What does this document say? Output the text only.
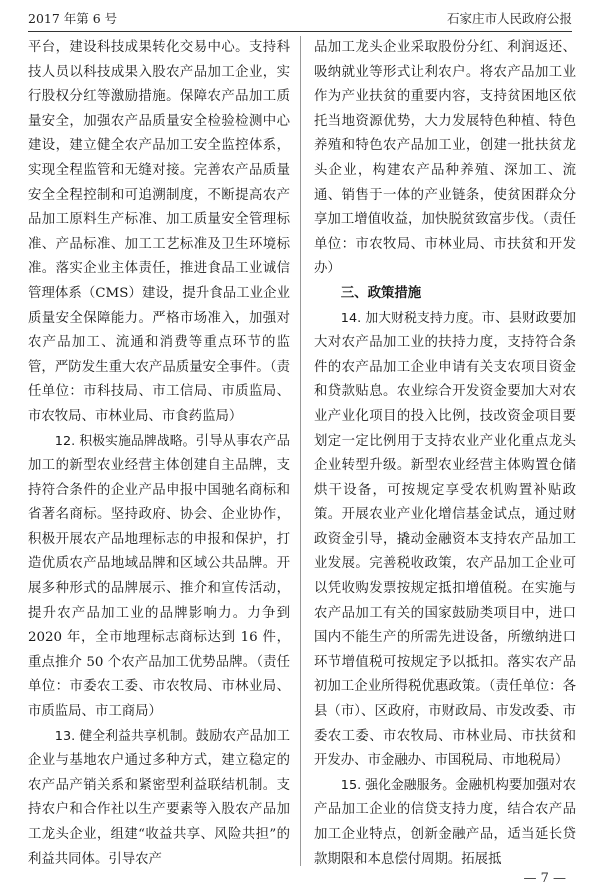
2017 年第 6 号	石家庄市人民政府公报

平台，建设科技成果转化交易中心。支持科技人员以科技成果入股农产品加工企业，实行股权分红等激励措施。保障农产品加工质量安全，加强农产品质量安全检验检测中心建设，建立健全农产品加工安全监控体系，实现全程监管和无缝对接。完善农产品质量安全全程控制和可追溯制度，不断提高农产品加工原料生产标准、加工质量安全管理标准、产品标准、加工工艺标准及卫生环境标准。落实企业主体责任，推进食品工业诚信管理体系（CMS）建设，提升食品工业企业质量安全保障能力。严格市场准入，加强对农产品加工、流通和消费等重点环节的监管，严防发生重大农产品质量安全事件。（责任单位：市科技局、市工信局、市质监局、市农牧局、市林业局、市食药监局）

12. 积极实施品牌战略。引导从事农产品加工的新型农业经营主体创建自主品牌，支持符合条件的企业产品申报中国驰名商标和省著名商标。坚持政府、协会、企业协作，积极开展农产品地理标志的申报和保护，打造优质农产品地域品牌和区域公共品牌。开展多种形式的品牌展示、推介和宣传活动，提升农产品加工业的品牌影响力。力争到 2020 年，全市地理标志商标达到 16 件，重点推介 50 个农产品加工优势品牌。（责任单位：市委农工委、市农牧局、市林业局、市质监局、市工商局）

13. 健全利益共享机制。鼓励农产品加工企业与基地农户通过多种方式，建立稳定的农产品产销关系和紧密型利益联结机制。支持农户和合作社以生产要素等入股农产品加工龙头企业，组建“收益共享、风险共担”的利益共同体。引导农产

品加工龙头企业采取股份分红、利润返还、吸纳就业等形式让利农户。将农产品加工业作为产业扶贫的重要内容，支持贫困地区依托当地资源优势，大力发展特色种植、特色养殖和特色农产品加工业，创建一批扶贫龙头企业，构建农产品种养殖、深加工、流通、销售于一体的产业链条，使贫困群众分享加工增值收益，加快脱贫致富步伐。（责任单位：市农牧局、市林业局、市扶贫和开发办）

三、政策措施

14. 加大财税支持力度。市、县财政要加大对农产品加工业的扶持力度，支持符合条件的农产品加工企业申请有关支农项目资金和贷款贴息。农业综合开发资金要加大对农业产业化项目的投入比例，技改资金项目要划定一定比例用于支持农业产业化重点龙头企业转型升级。新型农业经营主体购置仓储烘干设备，可按规定享受农机购置补贴政策。开展农业产业化增信基金试点，通过财政资金引导，撬动金融资本支持农产品加工业发展。完善税收政策，农产品加工企业可以凭收购发票按规定抵扣增值税。在实施与农产品加工有关的国家鼓励类项目中，进口国内不能生产的所需先进设备，所缴纳进口环节增值税可按规定予以抵扣。落实农产品初加工企业所得税优惠政策。（责任单位：各县（市）、区政府，市财政局、市发改委、市委农工委、市农牧局、市林业局、市扶贫和开发办、市金融办、市国税局、市地税局）

15. 强化金融服务。金融机构要加强对农产品加工企业的信贷支持力度，结合农产品加工企业特点，创新金融产品，适当延长贷款期限和本息偿付周期。拓展抵

— 7 —
